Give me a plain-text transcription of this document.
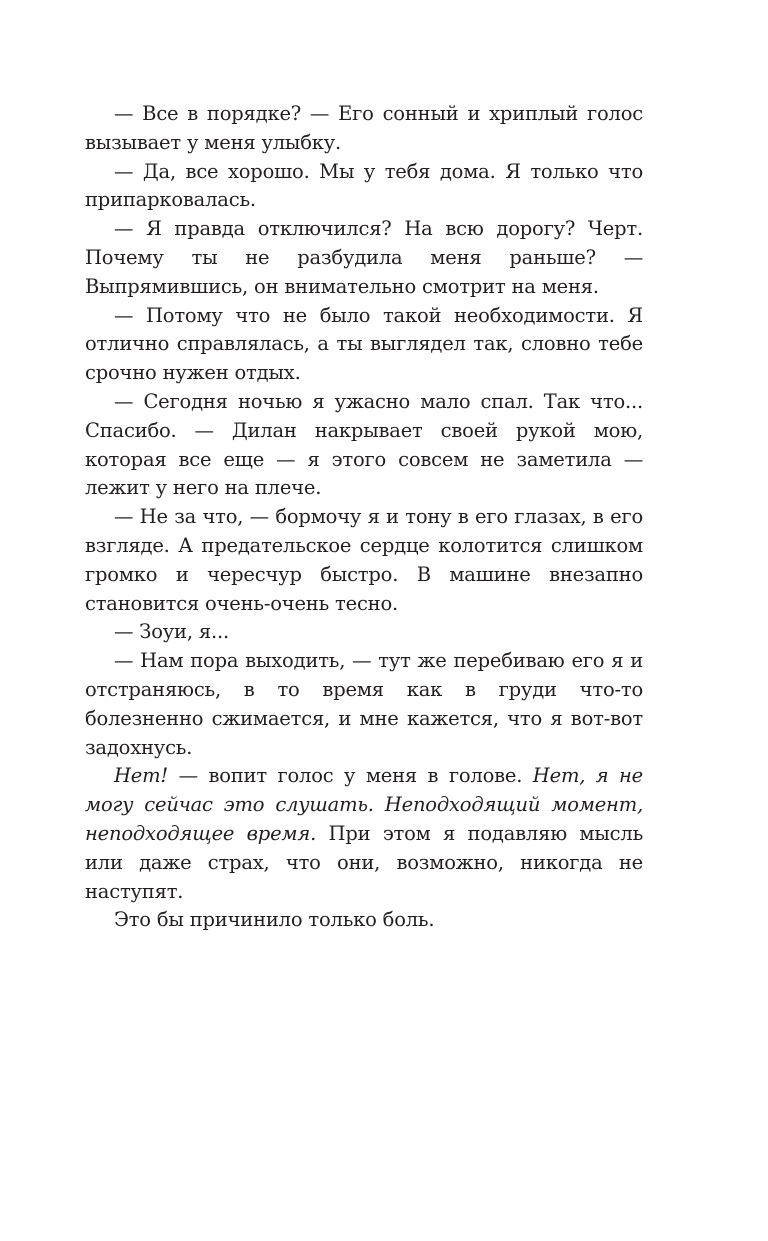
— Все в порядке? — Его сонный и хриплый голос вызывает у меня улыбку.

— Да, все хорошо. Мы у тебя дома. Я только что припарковалась.

— Я правда отключился? На всю дорогу? Черт. Почему ты не разбудила меня раньше? — Выпрямившись, он внимательно смотрит на меня.

— Потому что не было такой необходимости. Я отлично справлялась, а ты выглядел так, словно тебе срочно нужен отдых.

— Сегодня ночью я ужасно мало спал. Так что... Спасибо. — Дилан накрывает своей рукой мою, которая все еще — я этого совсем не заметила — лежит у него на плече.

— Не за что, — бормочу я и тону в его глазах, в его взгляде. А предательское сердце колотится слишком громко и чересчур быстро. В машине внезапно становится очень-очень тесно.

— Зоуи, я...

— Нам пора выходить, — тут же перебиваю его я и отстраняюсь, в то время как в груди что-то болезненно сжимается, и мне кажется, что я вот-вот задохнусь.

Нет! — вопит голос у меня в голове. Нет, я не могу сейчас это слушать. Неподходящий момент, неподходящее время. При этом я подавляю мысль или даже страх, что они, возможно, никогда не наступят.

Это бы причинило только боль.
